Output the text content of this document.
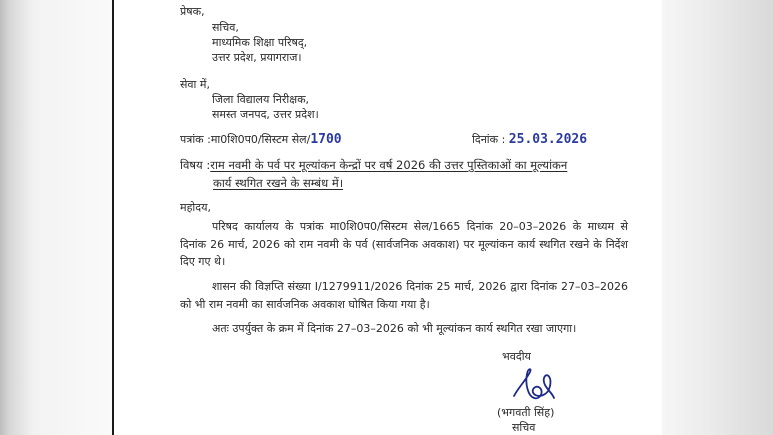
प्रेषक,
सचिव,
माध्यमिक शिक्षा परिषद्,
उत्तर प्रदेश, प्रयागराज।
सेवा में,
जिला विद्यालय निरीक्षक,
समस्त जनपद, उत्तर प्रदेश।
पत्रांक :मा0शि0प0/सिस्टम सेल/1700	दिनांक : 25.03.2026
विषय :राम नवमी के पर्व पर मूल्यांकन केन्द्रों पर वर्ष 2026 की उत्तर पुस्तिकाओं का मूल्यांकन
कार्य स्थगित रखने के सम्बंध में।
महोदय,
परिषद कार्यालय के पत्रांक मा0शि0प0/सिस्टम सेल/1665 दिनांक 20–03–2026 के माध्यम से दिनांक 26 मार्च, 2026 को राम नवमी के पर्व (सार्वजनिक अवकाश) पर मूल्यांकन कार्य स्थगित रखने के निर्देश दिए गए थे।
शासन की विज्ञप्ति संख्या I/1279911/2026 दिनांक 25 मार्च, 2026 द्वारा दिनांक 27–03–2026 को भी राम नवमी का सार्वजनिक अवकाश घोषित किया गया है।
अतः उपर्युक्त के क्रम में दिनांक 27–03–2026 को भी मूल्यांकन कार्य स्थगित रखा जाएगा।
भवदीय
(भगवती सिंह)
सचिव
